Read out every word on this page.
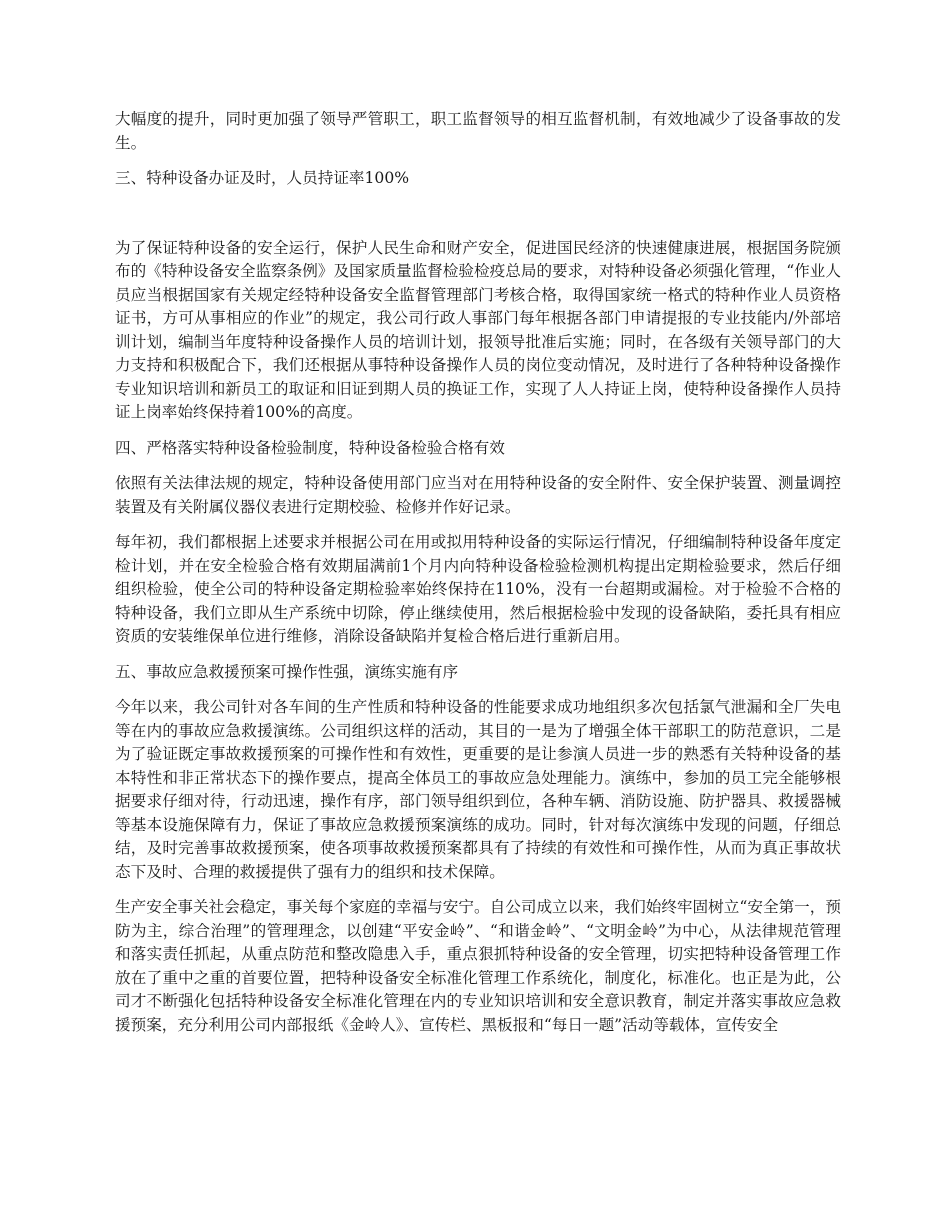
大幅度的提升，同时更加强了领导严管职工，职工监督领导的相互监督机制，有效地减少了设备事故的发生。

三、特种设备办证及时，人员持证率100%

为了保证特种设备的安全运行，保护人民生命和财产安全，促进国民经济的快速健康进展，根据国务院颁布的《特种设备安全监察条例》及国家质量监督检验检疫总局的要求，对特种设备必须强化管理，“作业人员应当根据国家有关规定经特种设备安全监督管理部门考核合格，取得国家统一格式的特种作业人员资格证书，方可从事相应的作业”的规定，我公司行政人事部门每年根据各部门申请提报的专业技能内/外部培训计划，编制当年度特种设备操作人员的培训计划，报领导批准后实施；同时，在各级有关领导部门的大力支持和积极配合下，我们还根据从事特种设备操作人员的岗位变动情况，及时进行了各种特种设备操作专业知识培训和新员工的取证和旧证到期人员的换证工作，实现了人人持证上岗，使特种设备操作人员持证上岗率始终保持着100%的高度。

四、严格落实特种设备检验制度，特种设备检验合格有效

依照有关法律法规的规定，特种设备使用部门应当对在用特种设备的安全附件、安全保护装置、测量调控装置及有关附属仪器仪表进行定期校验、检修并作好记录。

每年初，我们都根据上述要求并根据公司在用或拟用特种设备的实际运行情况，仔细编制特种设备年度定检计划，并在安全检验合格有效期届满前1个月内向特种设备检验检测机构提出定期检验要求，然后仔细组织检验，使全公司的特种设备定期检验率始终保持在110%，没有一台超期或漏检。对于检验不合格的特种设备，我们立即从生产系统中切除，停止继续使用，然后根据检验中发现的设备缺陷，委托具有相应资质的安装维保单位进行维修，消除设备缺陷并复检合格后进行重新启用。

五、事故应急救援预案可操作性强，演练实施有序

今年以来，我公司针对各车间的生产性质和特种设备的性能要求成功地组织多次包括氯气泄漏和全厂失电等在内的事故应急救援演练。公司组织这样的活动，其目的一是为了增强全体干部职工的防范意识，二是为了验证既定事故救援预案的可操作性和有效性，更重要的是让参演人员进一步的熟悉有关特种设备的基本特性和非正常状态下的操作要点，提高全体员工的事故应急处理能力。演练中，参加的员工完全能够根据要求仔细对待，行动迅速，操作有序，部门领导组织到位，各种车辆、消防设施、防护器具、救援器械等基本设施保障有力，保证了事故应急救援预案演练的成功。同时，针对每次演练中发现的问题，仔细总结，及时完善事故救援预案，使各项事故救援预案都具有了持续的有效性和可操作性，从而为真正事故状态下及时、合理的救援提供了强有力的组织和技术保障。

生产安全事关社会稳定，事关每个家庭的幸福与安宁。自公司成立以来，我们始终牢固树立“安全第一，预防为主，综合治理”的管理理念，以创建“平安金岭”、“和谐金岭”、“文明金岭”为中心，从法律规范管理和落实责任抓起，从重点防范和整改隐患入手，重点狠抓特种设备的安全管理，切实把特种设备管理工作放在了重中之重的首要位置，把特种设备安全标准化管理工作系统化，制度化，标准化。也正是为此，公司才不断强化包括特种设备安全标准化管理在内的专业知识培训和安全意识教育，制定并落实事故应急救援预案，充分利用公司内部报纸《金岭人》、宣传栏、黑板报和“每日一题”活动等载体，宣传安全
